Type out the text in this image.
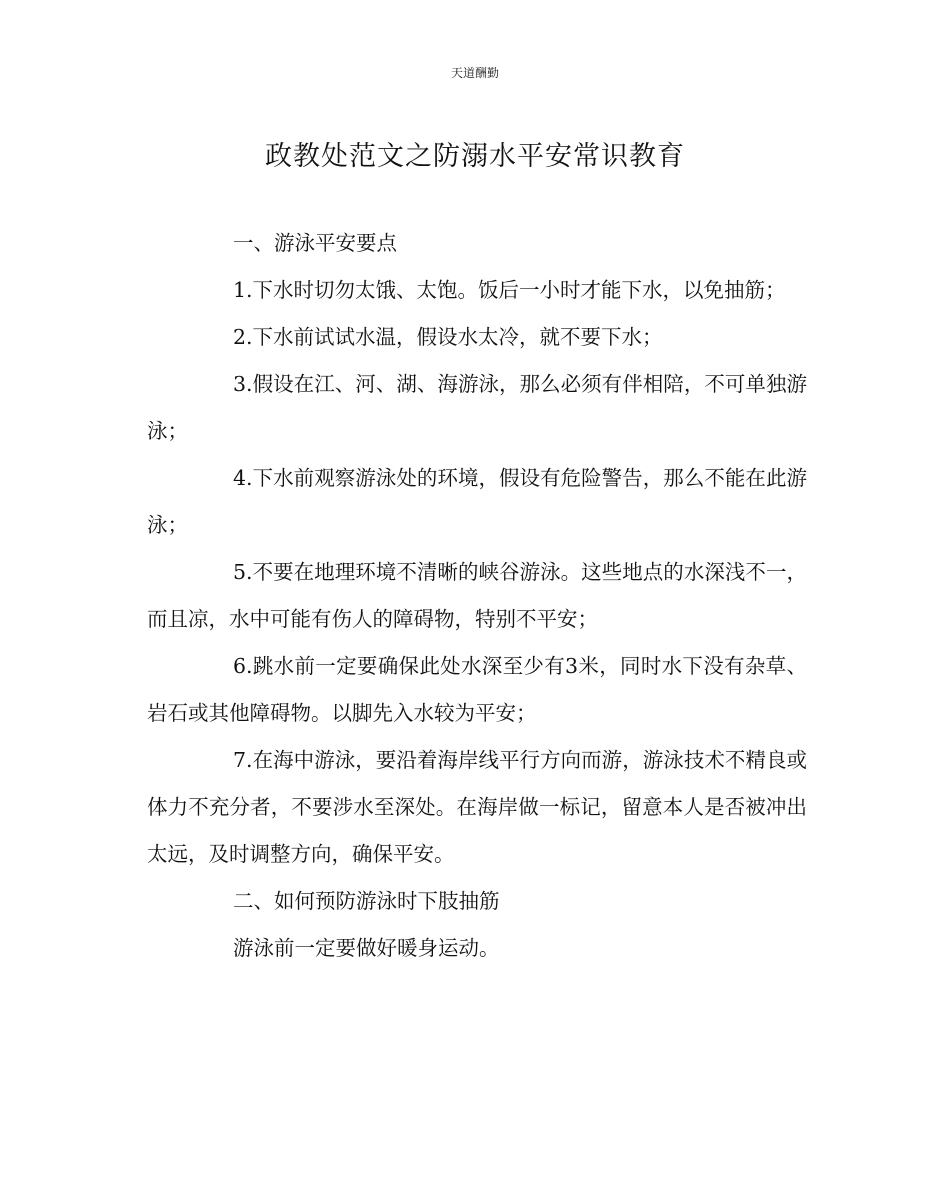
天道酬勤
政教处范文之防溺水平安常识教育

一、游泳平安要点

1.下水时切勿太饿、太饱。饭后一小时才能下水，以免抽筋；

2.下水前试试水温，假设水太冷，就不要下水；

3.假设在江、河、湖、海游泳，那么必须有伴相陪，不可单独游泳；

4.下水前观察游泳处的环境，假设有危险警告，那么不能在此游泳；

5.不要在地理环境不清晰的峡谷游泳。这些地点的水深浅不一，而且凉，水中可能有伤人的障碍物，特别不平安；

6.跳水前一定要确保此处水深至少有3米，同时水下没有杂草、岩石或其他障碍物。以脚先入水较为平安；

7.在海中游泳，要沿着海岸线平行方向而游，游泳技术不精良或体力不充分者，不要涉水至深处。在海岸做一标记，留意本人是否被冲出太远，及时调整方向，确保平安。

二、如何预防游泳时下肢抽筋

游泳前一定要做好暖身运动。
